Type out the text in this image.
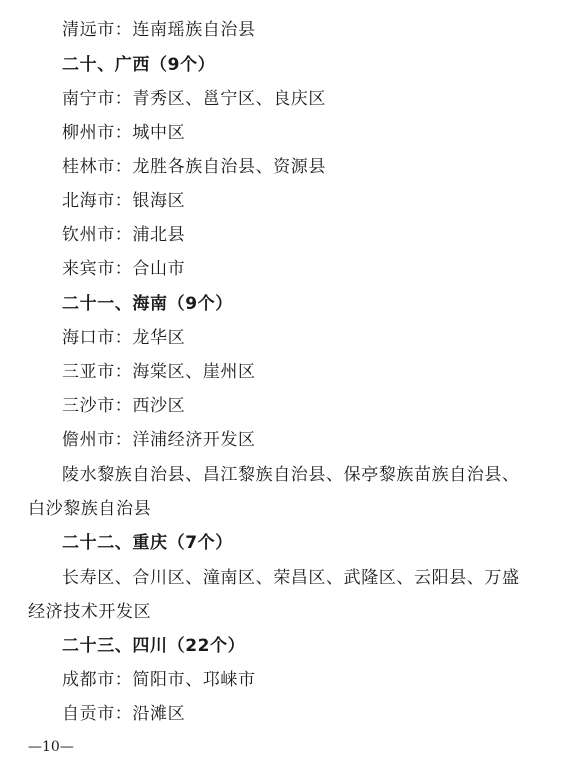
清远市：连南瑶族自治县
二十、广西（9个）
南宁市：青秀区、邕宁区、良庆区
柳州市：城中区
桂林市：龙胜各族自治县、资源县
北海市：银海区
钦州市：浦北县
来宾市：合山市
二十一、海南（9个）
海口市：龙华区
三亚市：海棠区、崖州区
三沙市：西沙区
儋州市：洋浦经济开发区
陵水黎族自治县、昌江黎族自治县、保亭黎族苗族自治县、
白沙黎族自治县
二十二、重庆（7个）
长寿区、合川区、潼南区、荣昌区、武隆区、云阳县、万盛
经济技术开发区
二十三、四川（22个）
成都市：简阳市、邛崃市
自贡市：沿滩区
—10—
